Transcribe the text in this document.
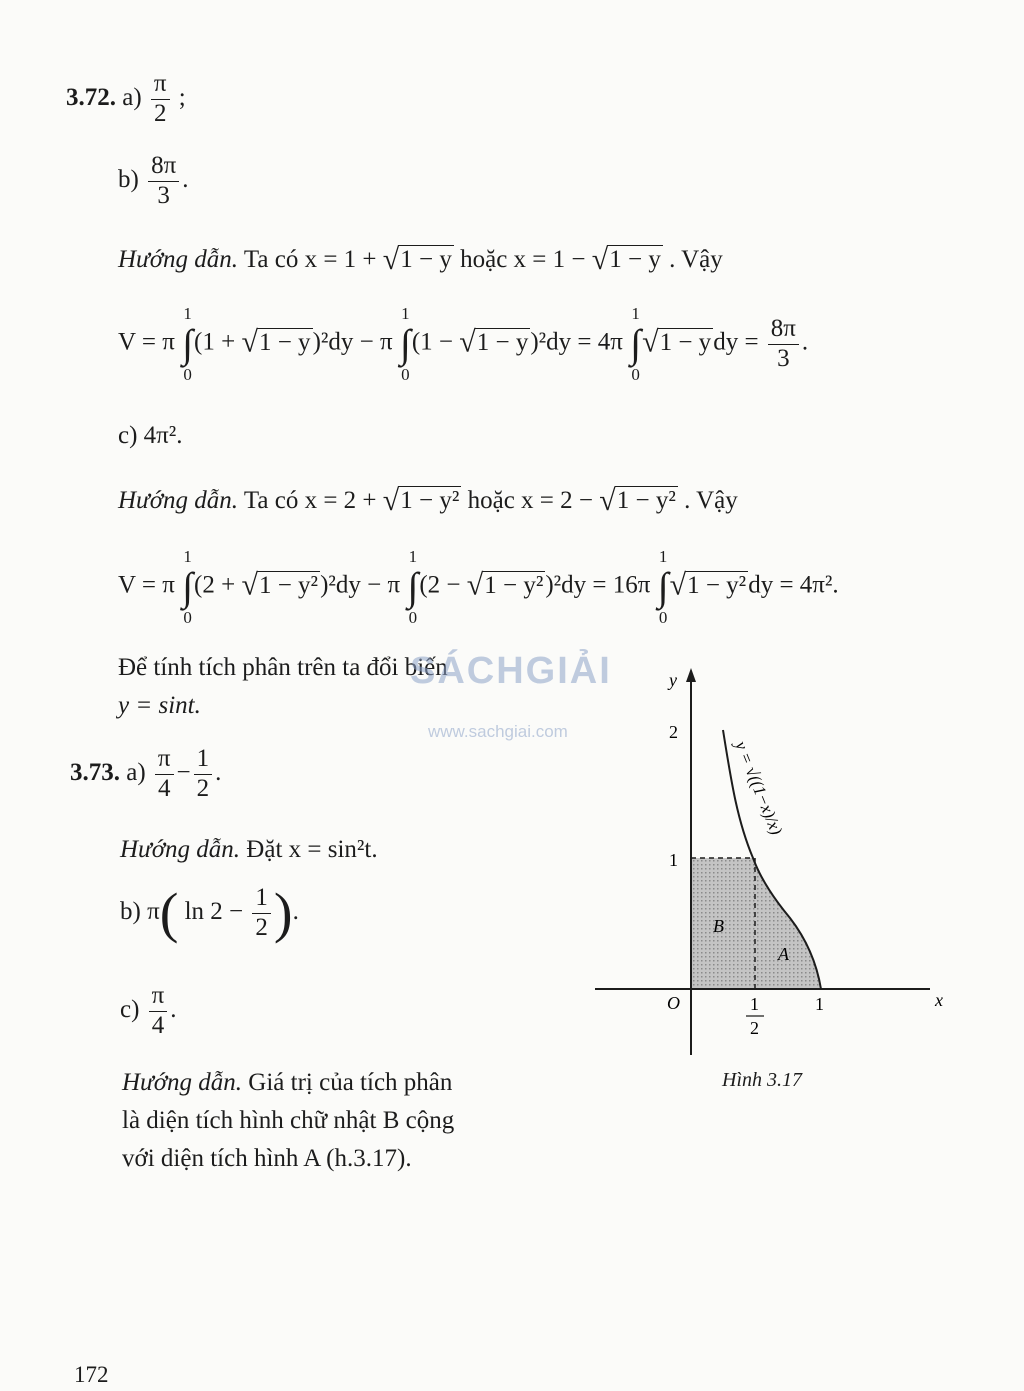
3.72. $a) \frac{\pi}{2}$ ;
$b) \frac{8\pi}{3}$ .
Hướng dẫn. Ta có x = 1 + √1 − y hoặc x = 1 − √1 − y . Vậy
V = π
1
∫
0
(1 + √1 − y)²dy − π
1
∫
0
(1 − √1 − y)²dy = 4π
1
∫
0
√1 − ydy = $\frac{8\pi}{3}$ .
c) 4π².
Hướng dẫn. Ta có x = 2 + √1 − y² hoặc x = 2 − √1 − y² . Vậy
V = π
1
∫
0
(2 + √1 − y²)²dy − π
1
∫
0
(2 − √1 − y²)²dy = 16π
1
∫
0
√1 − y²dy = 4π².
Để tính tích phân trên ta đổi biến
y = sint.
SÁCHGIẢI
www.sachgiai.com
3.73. $a) \frac{\pi}{4} - \frac{1}{2}$ .
Hướng dẫn. Đặt x = sin²t.
b) π( $\ln 2 - \frac{1}{2}$ ).
$c) \frac{\pi}{4}$ .
Hướng dẫn. Giá trị của tích phân
là diện tích hình chữ nhật B cộng
với diện tích hình A (h.3.17).
y
x
2
1
O	1
1
2
B
A
y = √((1−x)/x)
Hình 3.17
172
